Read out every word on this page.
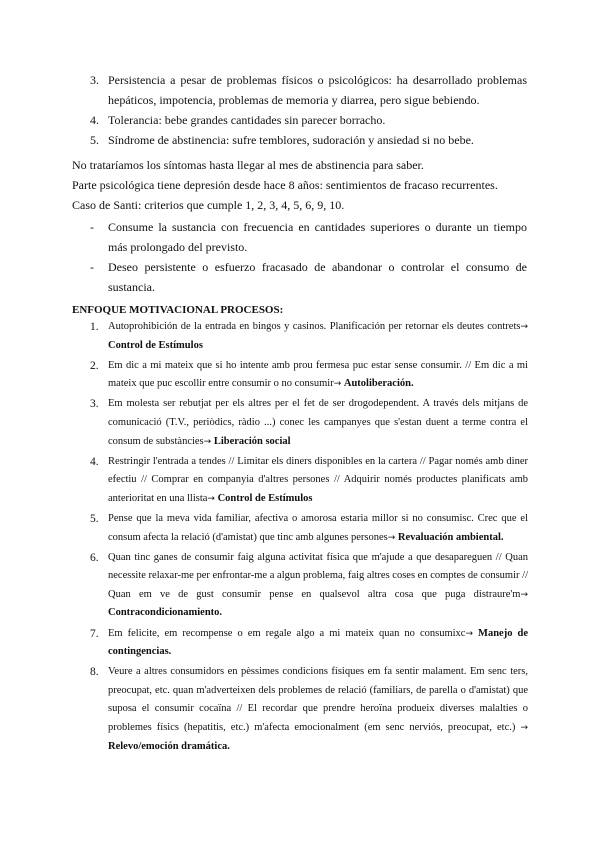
3. Persistencia a pesar de problemas físicos o psicológicos: ha desarrollado problemas hepáticos, impotencia, problemas de memoria y diarrea, pero sigue bebiendo.
4. Tolerancia: bebe grandes cantidades sin parecer borracho.
5. Síndrome de abstinencia: sufre temblores, sudoración y ansiedad si no bebe.

No trataríamos los síntomas hasta llegar al mes de abstinencia para saber.

Parte psicológica tiene depresión desde hace 8 años: sentimientos de fracaso recurrentes.

Caso de Santi: criterios que cumple 1, 2, 3, 4, 5, 6, 9, 10.

- Consume la sustancia con frecuencia en cantidades superiores o durante un tiempo más prolongado del previsto.
- Deseo persistente o esfuerzo fracasado de abandonar o controlar el consumo de sustancia.

ENFOQUE MOTIVACIONAL PROCESOS:

1. Autoprohibición de la entrada en bingos y casinos. Planificación per retornar els deutes contrets→ Control de Estímulos
2. Em dic a mi mateix que si ho intente amb prou fermesa puc estar sense consumir. // Em dic a mi mateix que puc escollir entre consumir o no consumir→ Autoliberación.
3. Em molesta ser rebutjat per els altres per el fet de ser drogodependent. A través dels mitjans de comunicació (T.V., periòdics, ràdio ...) conec les campanyes que s'estan duent a terme contra el consum de substàncies→ Liberación social
4. Restringir l'entrada a tendes // Limitar els diners disponibles en la cartera // Pagar només amb diner efectiu // Comprar en companyia d'altres persones // Adquirir només productes planificats amb anterioritat en una llista→ Control de Estímulos
5. Pense que la meva vida familiar, afectiva o amorosa estaria millor si no consumisc. Crec que el consum afecta la relació (d'amistat) que tinc amb algunes persones→ Revaluación ambiental.
6. Quan tinc ganes de consumir faig alguna activitat física que m'ajude a que desapareguen // Quan necessite relaxar-me per enfrontar-me a algun problema, faig altres coses en comptes de consumir // Quan em ve de gust consumir pense en qualsevol altra cosa que puga distraure'm→ Contracondicionamiento.
7. Em felicite, em recompense o em regale algo a mi mateix quan no consumixc→ Manejo de contingencias.
8. Veure a altres consumidors en pèssimes condicions físiques em fa sentir malament. Em senc ters, preocupat, etc. quan m'adverteixen dels problemes de relació (familiars, de parella o d'amistat) que suposa el consumir cocaïna // El recordar que prendre heroïna produeix diverses malalties o problemes físics (hepatitis, etc.) m'afecta emocionalment (em senc nerviós, preocupat, etc.) → Relevo/emoción dramática.
